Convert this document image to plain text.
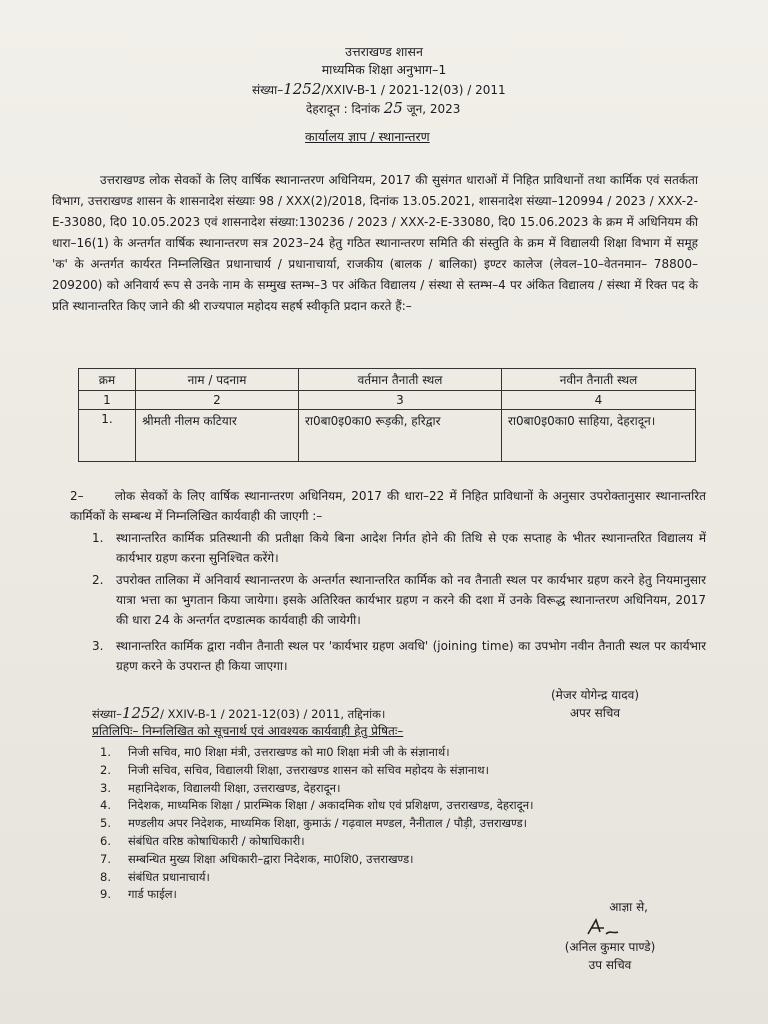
उत्तराखण्ड शासन
माध्यमिक शिक्षा अनुभाग–1
संख्या–1252/XXIV-B-1 / 2021-12(03) / 2011
देहरादून : दिनांक 25 जून, 2023
कार्यालय ज्ञाप / स्थानान्तरण

उत्तराखण्ड लोक सेवकों के लिए वार्षिक स्थानान्तरण अधिनियम, 2017 की सुसंगत धाराओं में निहित प्राविधानों तथा कार्मिक एवं सतर्कता विभाग, उत्तराखण्ड शासन के शासनादेश संख्याः 98 / XXX(2)/2018, दिनांक 13.05.2021, शासनादेश संख्या–120994 / 2023 / XXX-2-E-33080, दि0 10.05.2023 एवं शासनादेश संख्या:130236 / 2023 / XXX-2-E-33080, दि0 15.06.2023 के क्रम में अधिनियम की धारा–16(1) के अन्तर्गत वार्षिक स्थानान्तरण सत्र 2023–24 हेतु गठित स्थानान्तरण समिति की संस्तुति के क्रम में विद्यालयी शिक्षा विभाग में समूह 'क' के अन्तर्गत कार्यरत निम्नलिखित प्रधानाचार्य / प्रधानाचार्या, राजकीय (बालक / बालिका) इण्टर कालेज (लेवल–10–वेतनमान– 78800–209200) को अनिवार्य रूप से उनके नाम के सम्मुख स्तम्भ–3 पर अंकित विद्यालय / संस्था से स्तम्भ–4 पर अंकित विद्यालय / संस्था में रिक्त पद के प्रति स्थानान्तरित किए जाने की श्री राज्यपाल महोदय सहर्ष स्वीकृति प्रदान करते हैं:–

क्रम	नाम / पदनाम	वर्तमान तैनाती स्थल	नवीन तैनाती स्थल
1	2	3	4
1.	श्रीमती नीलम कटियार	रा0बा0इ0का0 रूड़की, हरिद्वार	रा0बा0इ0का0 साहिया, देहरादून।
2–	लोक सेवकों के लिए वार्षिक स्थानान्तरण अधिनियम, 2017 की धारा–22 में निहित प्राविधानों के अनुसार उपरोक्तानुसार स्थानान्तरित कार्मिकों के सम्बन्ध में निम्नलिखित कार्यवाही की जाएगी :–
1. स्थानान्तरित कार्मिक प्रतिस्थानी की प्रतीक्षा किये बिना आदेश निर्गत होने की तिथि से एक सप्ताह के भीतर स्थानान्तरित विद्यालय में कार्यभार ग्रहण करना सुनिश्चित करेंगे।
2. उपरोक्त तालिका में अनिवार्य स्थानान्तरण के अन्तर्गत स्थानान्तरित कार्मिक को नव तैनाती स्थल पर कार्यभार ग्रहण करने हेतु नियमानुसार यात्रा भत्ता का भुगतान किया जायेगा। इसके अतिरिक्त कार्यभार ग्रहण न करने की दशा में उनके विरूद्ध स्थानान्तरण अधिनियम, 2017 की धारा 24 के अन्तर्गत दण्डात्मक कार्यवाही की जायेगी।
3. स्थानान्तरित कार्मिक द्वारा नवीन तैनाती स्थल पर 'कार्यभार ग्रहण अवधि' (joining time) का उपभोग नवीन तैनाती स्थल पर कार्यभार ग्रहण करने के उपरान्त ही किया जाएगा।
(मेजर योगेन्द्र यादव)
अपर सचिव
संख्या–1252/ XXIV-B-1 / 2021-12(03) / 2011, तद्दिनांक।
प्रतिलिपिः– निम्नलिखित को सूचनार्थ एवं आवश्यक कार्यवाही हेतु प्रेषितः–
1. निजी सचिव, मा0 शिक्षा मंत्री, उत्तराखण्ड को मा0 शिक्षा मंत्री जी के संज्ञानार्थ।
2. निजी सचिव, सचिव, विद्यालयी शिक्षा, उत्तराखण्ड शासन को सचिव महोदय के संज्ञानाथ।
3. महानिदेशक, विद्यालयी शिक्षा, उत्तराखण्ड, देहरादून।
4. निदेशक, माध्यमिक शिक्षा / प्रारम्भिक शिक्षा / अकादमिक शोध एवं प्रशिक्षण, उत्तराखण्ड, देहरादून।
5. मण्डलीय अपर निदेशक, माध्यमिक शिक्षा, कुमाऊं / गढ़वाल मण्डल, नैनीताल / पौड़ी, उत्तराखण्ड।
6. संबंधित वरिष्ठ कोषाधिकारी / कोषाधिकारी।
7. सम्बन्धित मुख्य शिक्षा अधिकारी–द्वारा निदेशक, मा0शि0, उत्तराखण्ड।
8. संबंधित प्रधानाचार्य।
9. गार्ड फाईल।
आज्ञा से,
(अनिल कुमार पाण्डे)
उप सचिव
